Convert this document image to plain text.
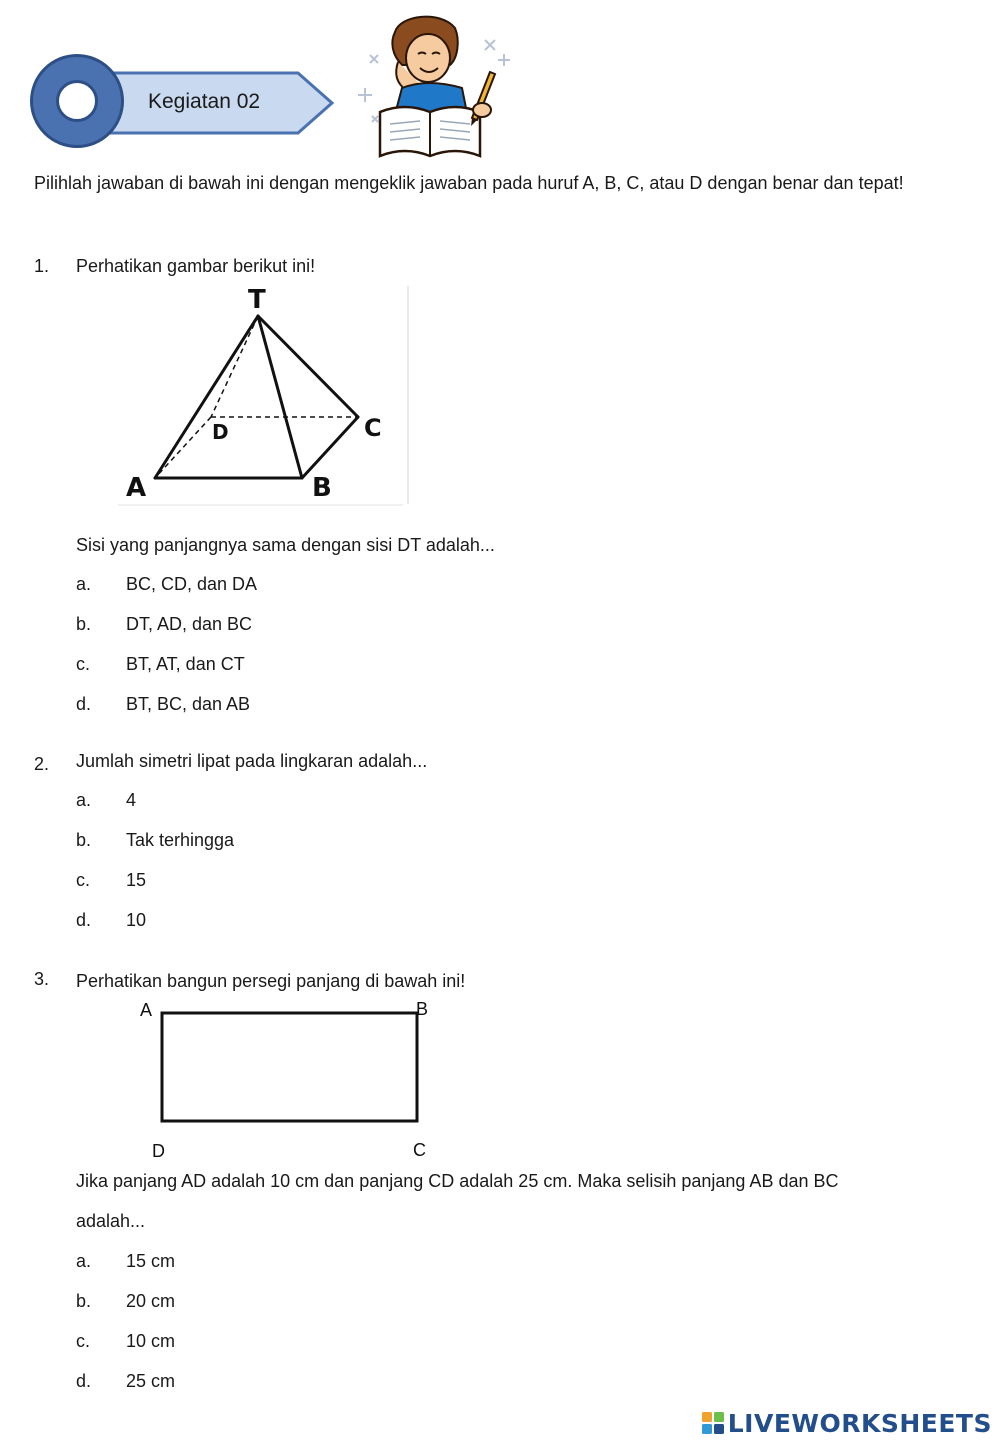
Kegiatan 02
Pilihlah jawaban di bawah ini dengan mengeklik jawaban pada huruf A, B, C, atau D dengan benar dan tepat!
1. Perhatikan gambar berikut ini!
T
D	C
A	B
Sisi yang panjangnya sama dengan sisi DT adalah...
a. BC, CD, dan DA
b. DT, AD, dan BC
c. BT, AT, dan CT
d. BT, BC, dan AB
2. Jumlah simetri lipat pada lingkaran adalah...
a. 4
b. Tak terhingga
c. 15
d. 10
3. Perhatikan bangun persegi panjang di bawah ini!
A	B
D	C
Jika panjang AD adalah 10 cm dan panjang CD adalah 25 cm. Maka selisih panjang AB dan BC
adalah...
a. 15 cm
b. 20 cm
c. 10 cm
d. 25 cm
LIVEWORKSHEETS
